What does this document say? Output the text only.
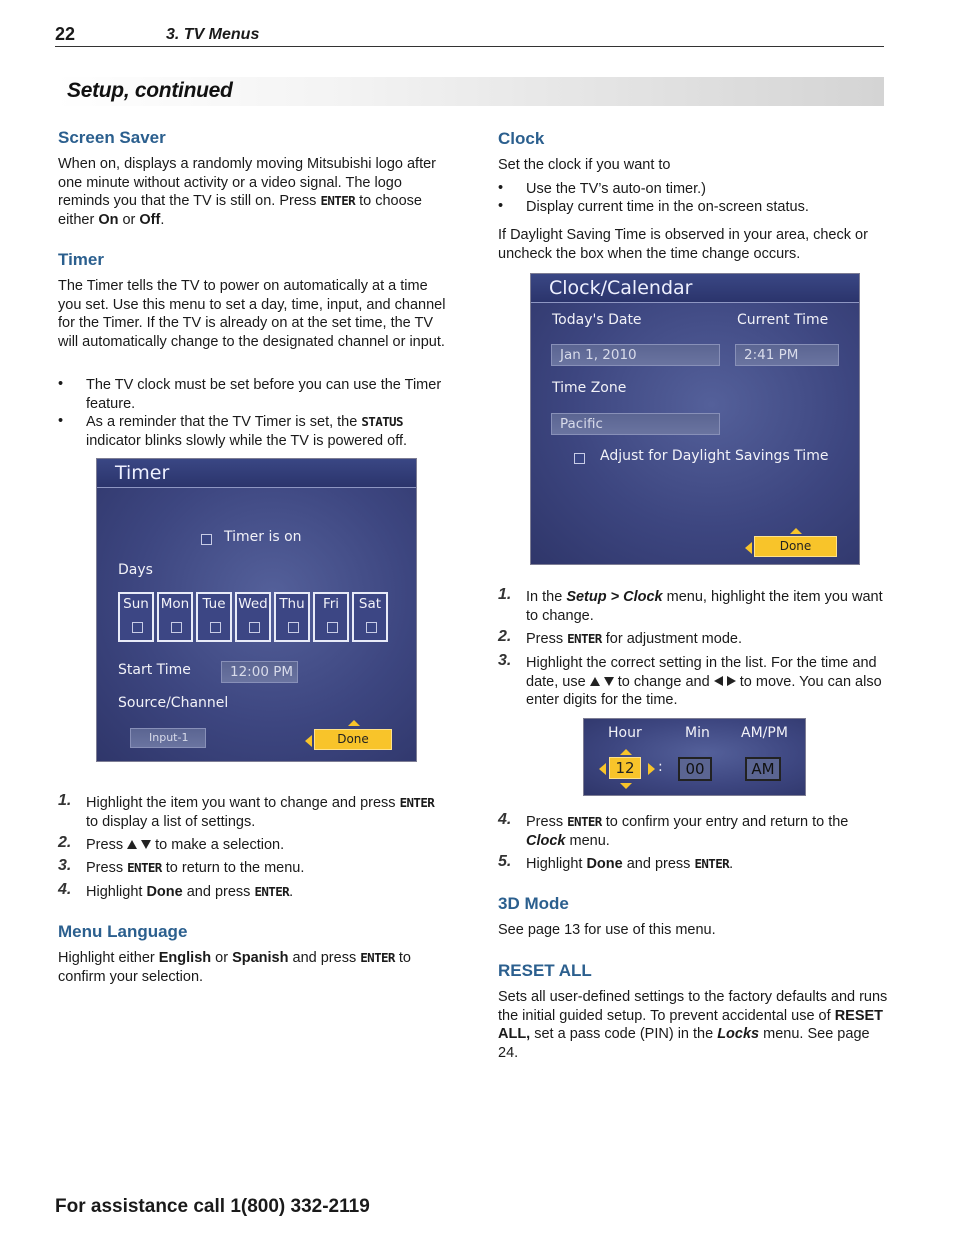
22	3. TV Menus
Setup, continued
Screen Saver
When on, displays a randomly moving Mitsubishi logo after one minute without activity or a video signal. The logo reminds you that the TV is still on. Press ENTER to choose either On or Off.
Timer
The Timer tells the TV to power on automatically at a time you set. Use this menu to set a day, time, input, and channel for the Timer. If the TV is already on at the set time, the TV will automatically change to the designated channel or input.
• The TV clock must be set before you can use the Timer feature.
• As a reminder that the TV Timer is set, the STATUS indicator blinks slowly while the TV is powered off.
Timer
Timer is on
Days
Sun Mon Tue Wed Thu	Fri	Sat
Start Time	12:00 PM
Source/Channel
Input-1	Done
1. Highlight the item you want to change and press ENTER to display a list of settings.
2. Press   to make a selection.
3. Press ENTER to return to the menu.
4. Highlight Done and press ENTER.
Menu Language
Highlight either English or Spanish and press ENTER to confirm your selection.
Clock
Set the clock if you want to
• Use the TV’s auto-on timer.)
• Display current time in the on-screen status.
If Daylight Saving Time is observed in your area, check or uncheck the box when the time change occurs.
Clock/Calendar
Today's Date	Current Time
Jan 1, 2010	2:41 PM
Time Zone
Pacific
Adjust for Daylight Savings Time
Done
1. In the Setup > Clock menu, highlight the item you want to change.
2. Press ENTER for adjustment mode.
3. Highlight the correct setting in the list. For the time and date, use   to change and   to move. You can also enter digits for the time.
Hour	Min AM/PM
12	:	00	AM
4. Press ENTER to confirm your entry and return to the Clock menu.
5. Highlight Done and press ENTER.
3D Mode
See page 13 for use of this menu.
RESET ALL
Sets all user-defined settings to the factory defaults and runs the initial guided setup. To prevent accidental use of RESET ALL, set a pass code (PIN) in the Locks menu. See page 24.
For assistance call 1(800) 332-2119
